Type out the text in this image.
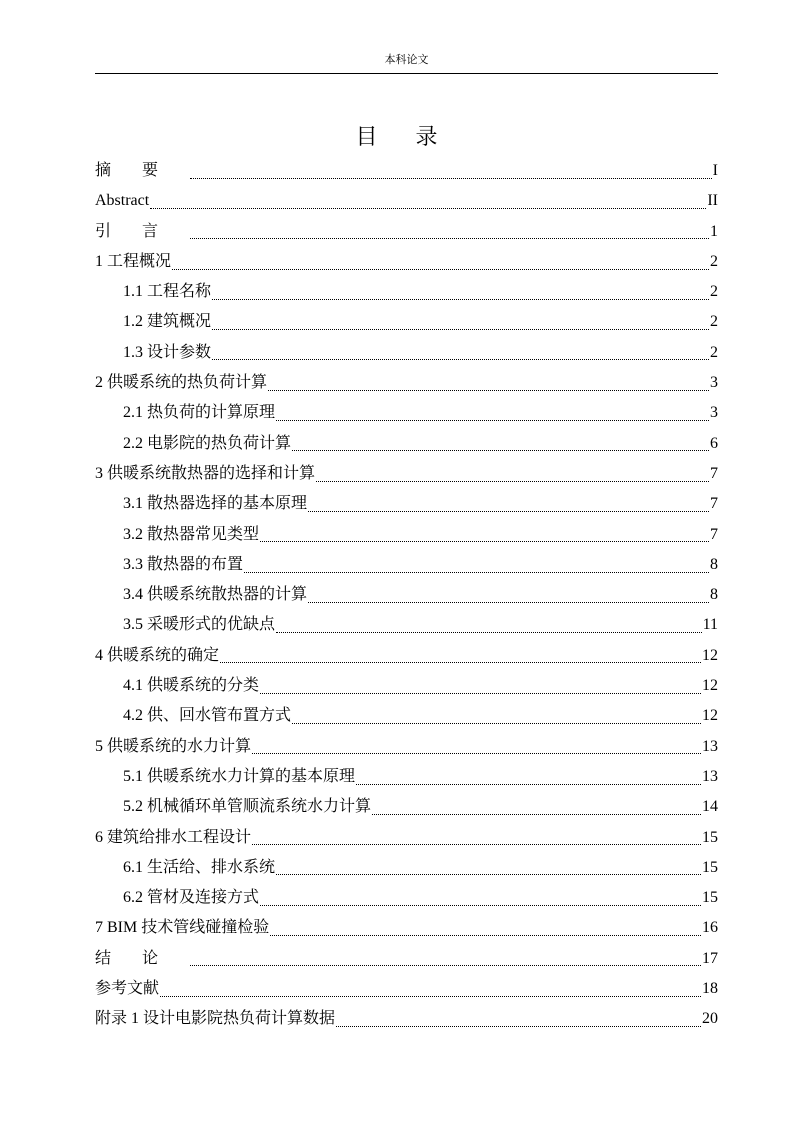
本科论文
目录
摘要	I
Abstract	II
引言	1
1 工程概况	2
1.1 工程名称	2
1.2 建筑概况	2
1.3 设计参数	2
2 供暖系统的热负荷计算	3
2.1 热负荷的计算原理	3
2.2 电影院的热负荷计算	6
3 供暖系统散热器的选择和计算	7
3.1 散热器选择的基本原理	7
3.2 散热器常见类型	7
3.3 散热器的布置	8
3.4 供暖系统散热器的计算	8
3.5 采暖形式的优缺点	11
4 供暖系统的确定	12
4.1 供暖系统的分类	12
4.2 供、回水管布置方式	12
5 供暖系统的水力计算	13
5.1 供暖系统水力计算的基本原理	13
5.2 机械循环单管顺流系统水力计算	14
6 建筑给排水工程设计	15
6.1 生活给、排水系统	15
6.2 管材及连接方式	15
7 BIM 技术管线碰撞检验	16
结论	17
参考文献	18
附录 1 设计电影院热负荷计算数据	20
